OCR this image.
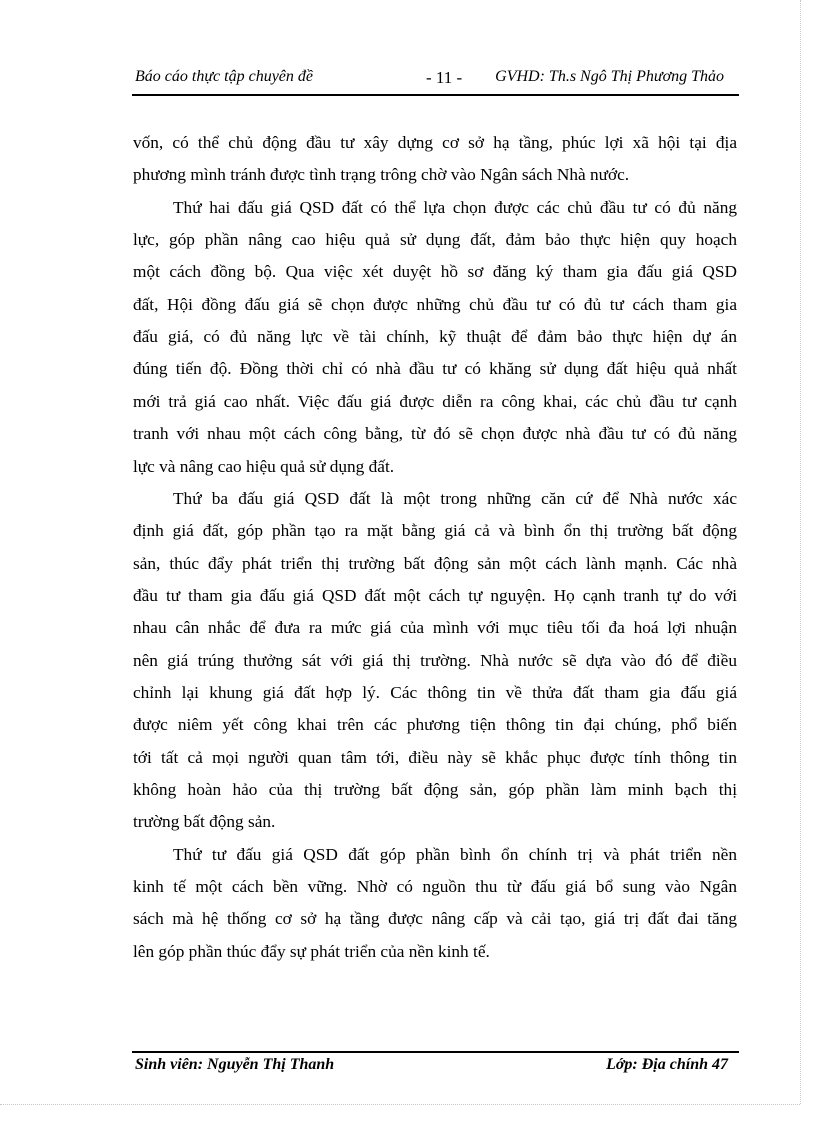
Báo cáo thực tập chuyên đề	- 11 - GVHD: Th.s Ngô Thị Phương Thảo
vốn, có thể chủ động đầu tư xây dựng cơ sở hạ tầng, phúc lợi xã hội tại địa
phương mình tránh được tình trạng trông chờ vào Ngân sách Nhà nước.
Thứ hai đấu giá QSD đất có thể lựa chọn được các chủ đầu tư có đủ năng
lực, góp phần nâng cao hiệu quả sử dụng đất, đảm bảo thực hiện quy hoạch
một cách đồng bộ. Qua việc xét duyệt hồ sơ đăng ký tham gia đấu giá QSD
đất, Hội đồng đấu giá sẽ chọn được những chủ đầu tư có đủ tư cách tham gia
đấu giá, có đủ năng lực về tài chính, kỹ thuật để đảm bảo thực hiện dự án
đúng tiến độ. Đồng thời chỉ có nhà đầu tư có khăng sử dụng đất hiệu quả nhất
mới trả giá cao nhất. Việc đấu giá được diễn ra công khai, các chủ đầu tư cạnh
tranh với nhau một cách công bằng, từ đó sẽ chọn được nhà đầu tư có đủ năng
lực và nâng cao hiệu quả sử dụng đất.
Thứ ba đấu giá QSD đất là một trong những căn cứ để Nhà nước xác
định giá đất, góp phần tạo ra mặt bằng giá cả và bình ổn thị trường bất động
sản, thúc đẩy phát triển thị trường bất động sản một cách lành mạnh. Các nhà
đầu tư tham gia đấu giá QSD đất một cách tự nguyện. Họ cạnh tranh tự do với
nhau cân nhắc để đưa ra mức giá của mình với mục tiêu tối đa hoá lợi nhuận
nên giá trúng thưởng sát với giá thị trường. Nhà nước sẽ dựa vào đó để điều
chỉnh lại khung giá đất hợp lý. Các thông tin về thửa đất tham gia đấu giá
được niêm yết công khai trên các phương tiện thông tin đại chúng, phổ biến
tới tất cả mọi người quan tâm tới, điều này sẽ khắc phục được tính thông tin
không hoàn hảo của thị trường bất động sản, góp phần làm minh bạch thị
trường bất động sản.
Thứ tư đấu giá QSD đất góp phần bình ổn chính trị và phát triển nền
kinh tế một cách bền vững. Nhờ có nguồn thu từ đấu giá bổ sung vào Ngân
sách mà hệ thống cơ sở hạ tầng được nâng cấp và cải tạo, giá trị đất đai tăng
lên góp phần thúc đẩy sự phát triển của nền kinh tế.
Sinh viên: Nguyễn Thị Thanh	Lớp: Địa chính 47
